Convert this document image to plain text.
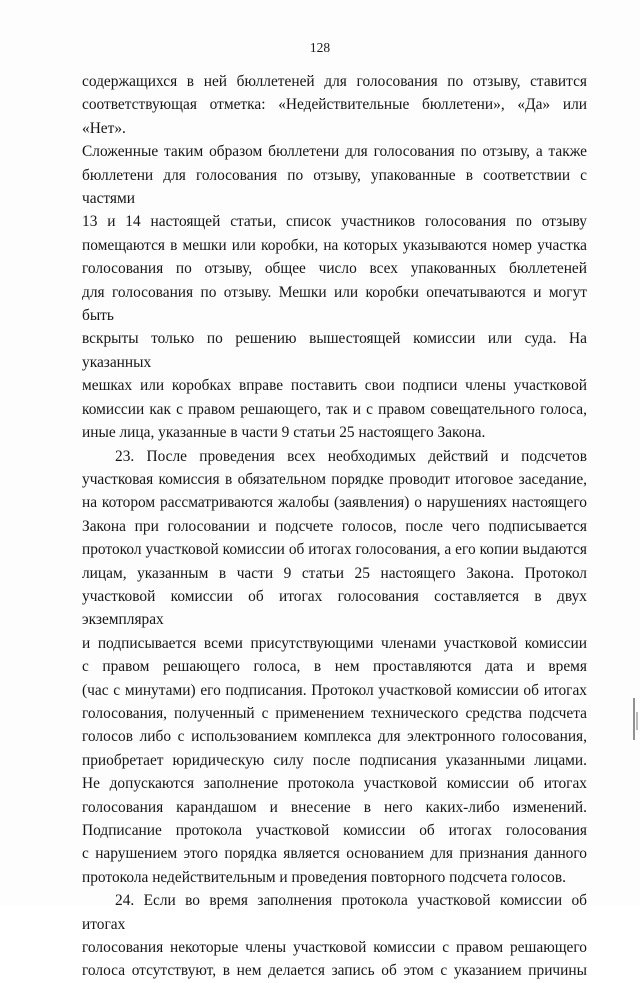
128

содержащихся в ней бюллетеней для голосования по отзыву, ставится
соответствующая отметка: «Недействительные бюллетени», «Да» или «Нет».
Сложенные таким образом бюллетени для голосования по отзыву, а также
бюллетени для голосования по отзыву, упакованные в соответствии с частями
13 и 14 настоящей статьи, список участников голосования по отзыву
помещаются в мешки или коробки, на которых указываются номер участка
голосования по отзыву, общее число всех упакованных бюллетеней
для голосования по отзыву. Мешки или коробки опечатываются и могут быть
вскрыты только по решению вышестоящей комиссии или суда. На указанных
мешках или коробках вправе поставить свои подписи члены участковой
комиссии как с правом решающего, так и с правом совещательного голоса,

иные лица, указанные в части 9 статьи 25 настоящего Закона.

23. После проведения всех необходимых действий и подсчетов
участковая комиссия в обязательном порядке проводит итоговое заседание,
на котором рассматриваются жалобы (заявления) о нарушениях настоящего
Закона при голосовании и подсчете голосов, после чего подписывается
протокол участковой комиссии об итогах голосования, а его копии выдаются
лицам, указанным в части 9 статьи 25 настоящего Закона. Протокол
участковой комиссии об итогах голосования составляется в двух экземплярах
и подписывается всеми присутствующими членами участковой комиссии
с правом решающего голоса, в нем проставляются дата и время
(час с минутами) его подписания. Протокол участковой комиссии об итогах
голосования, полученный с применением технического средства подсчета
голосов либо с использованием комплекса для электронного голосования,
приобретает юридическую силу после подписания указанными лицами.
Не допускаются заполнение протокола участковой комиссии об итогах
голосования карандашом и внесение в него каких-либо изменений.
Подписание протокола участковой комиссии об итогах голосования
с нарушением этого порядка является основанием для признания данного

протокола недействительным и проведения повторного подсчета голосов.

24. Если во время заполнения протокола участковой комиссии об итогах
голосования некоторые члены участковой комиссии с правом решающего
голоса отсутствуют, в нем делается запись об этом с указанием причины
